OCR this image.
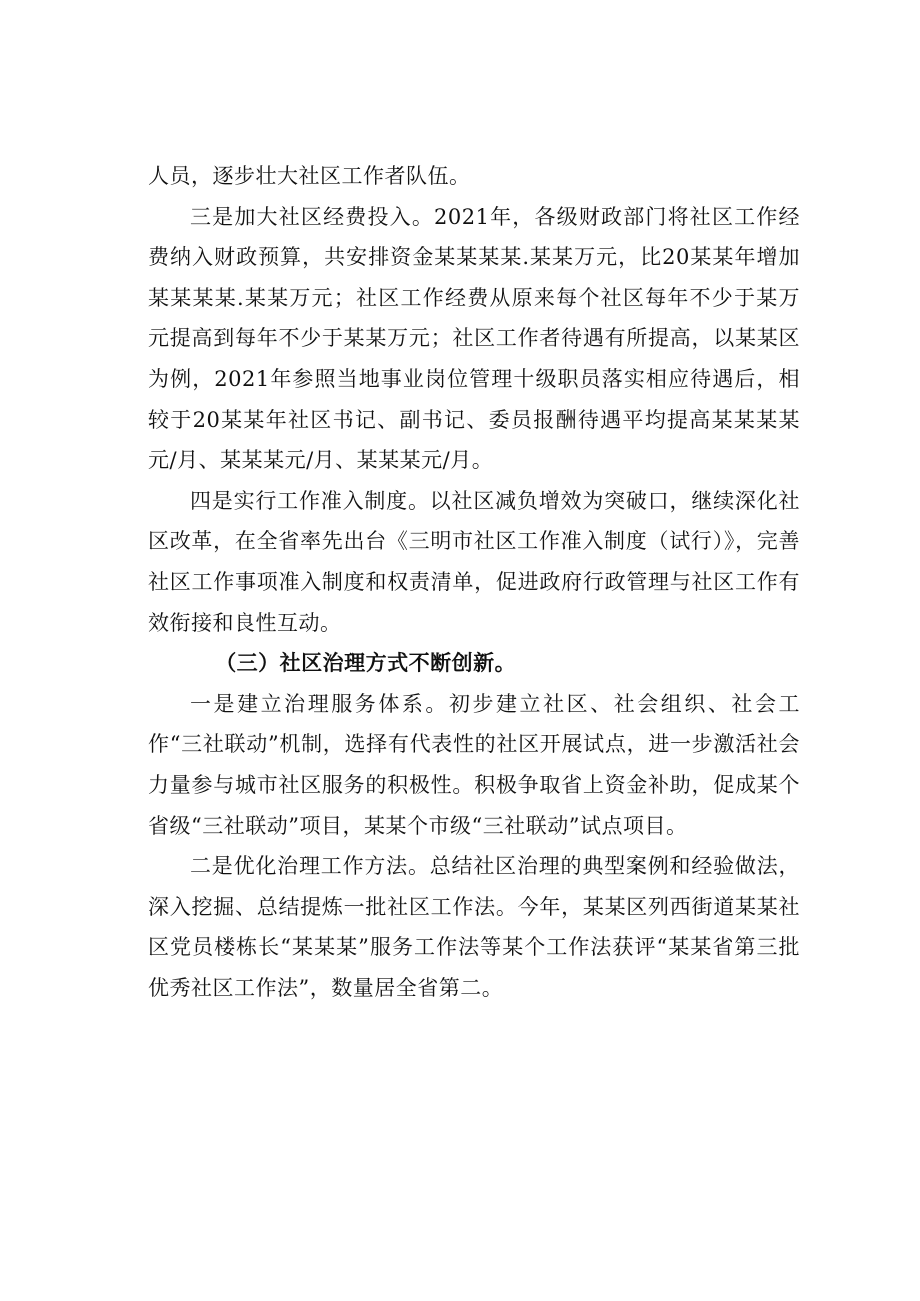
人员，逐步壮大社区工作者队伍。

三是加大社区经费投入。2021年，各级财政部门将社区工作经费纳入财政预算，共安排资金某某某某.某某万元，比20某某年增加某某某某.某某万元；社区工作经费从原来每个社区每年不少于某万元提高到每年不少于某某万元；社区工作者待遇有所提高，以某某区为例，2021年参照当地事业岗位管理十级职员落实相应待遇后，相较于20某某年社区书记、副书记、委员报酬待遇平均提高某某某某元/月、某某某元/月、某某某元/月。

四是实行工作准入制度。以社区减负增效为突破口，继续深化社区改革，在全省率先出台《三明市社区工作准入制度（试行）》，完善社区工作事项准入制度和权责清单，促进政府行政管理与社区工作有效衔接和良性互动。

（三）社区治理方式不断创新。

一是建立治理服务体系。初步建立社区、社会组织、社会工作“三社联动”机制，选择有代表性的社区开展试点，进一步激活社会力量参与城市社区服务的积极性。积极争取省上资金补助，促成某个省级“三社联动”项目，某某个市级“三社联动”试点项目。

二是优化治理工作方法。总结社区治理的典型案例和经验做法，深入挖掘、总结提炼一批社区工作法。今年，某某区列西街道某某社区党员楼栋长“某某某”服务工作法等某个工作法获评“某某省第三批优秀社区工作法”，数量居全省第二。
